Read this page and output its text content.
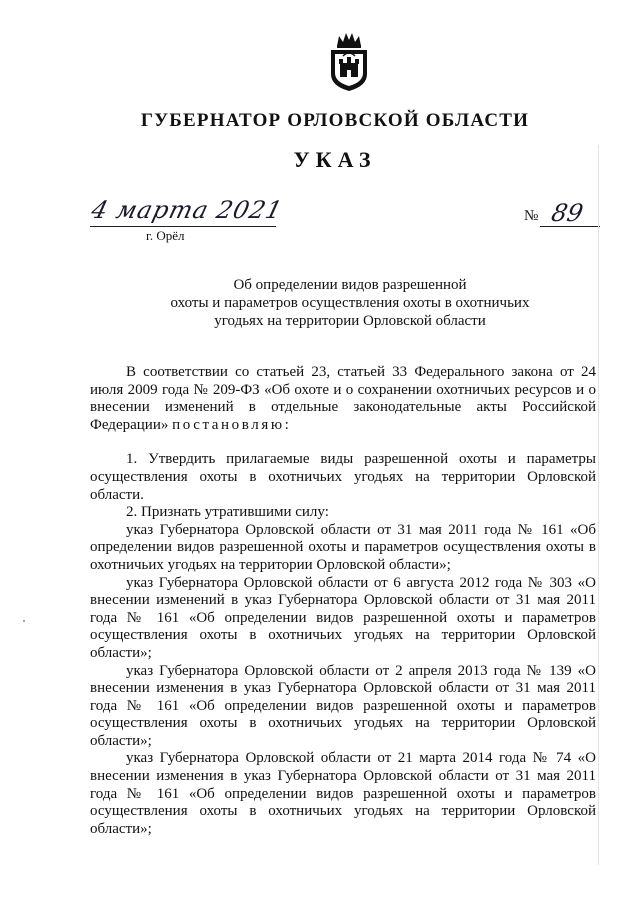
ГУБЕРНАТОР ОРЛОВСКОЙ ОБЛАСТИ
УКАЗ
4 марта 2021
г. Орёл
№ 89
Об определении видов разрешенной
охоты и параметров осуществления охоты в охотничьих
угодьях на территории Орловской области

В соответствии со статьей 23, статьей 33 Федерального закона от 24 июля 2009 года № 209-ФЗ «Об охоте и о сохранении охотничьих ресурсов и о внесении изменений в отдельные законодательные акты Российской Федерации» постановляю:

1. Утвердить прилагаемые виды разрешенной охоты и параметры осуществления охоты в охотничьих угодьях на территории Орловской области.

2. Признать утратившими силу:

указ Губернатора Орловской области от 31 мая 2011 года № 161 «Об определении видов разрешенной охоты и параметров осуществления охоты в охотничьих угодьях на территории Орловской области»;

указ Губернатора Орловской области от 6 августа 2012 года № 303 «О внесении изменений в указ Губернатора Орловской области от 31 мая 2011 года № 161 «Об определении видов разрешенной охоты и параметров осуществления охоты в охотничьих угодьях на территории Орловской области»;

указ Губернатора Орловской области от 2 апреля 2013 года № 139 «О внесении изменения в указ Губернатора Орловской области от 31 мая 2011 года № 161 «Об определении видов разрешенной охоты и параметров осуществления охоты в охотничьих угодьях на территории Орловской области»;

указ Губернатора Орловской области от 21 марта 2014 года № 74 «О внесении изменения в указ Губернатора Орловской области от 31 мая 2011 года № 161 «Об определении видов разрешенной охоты и параметров осуществления охоты в охотничьих угодьях на территории Орловской области»;
